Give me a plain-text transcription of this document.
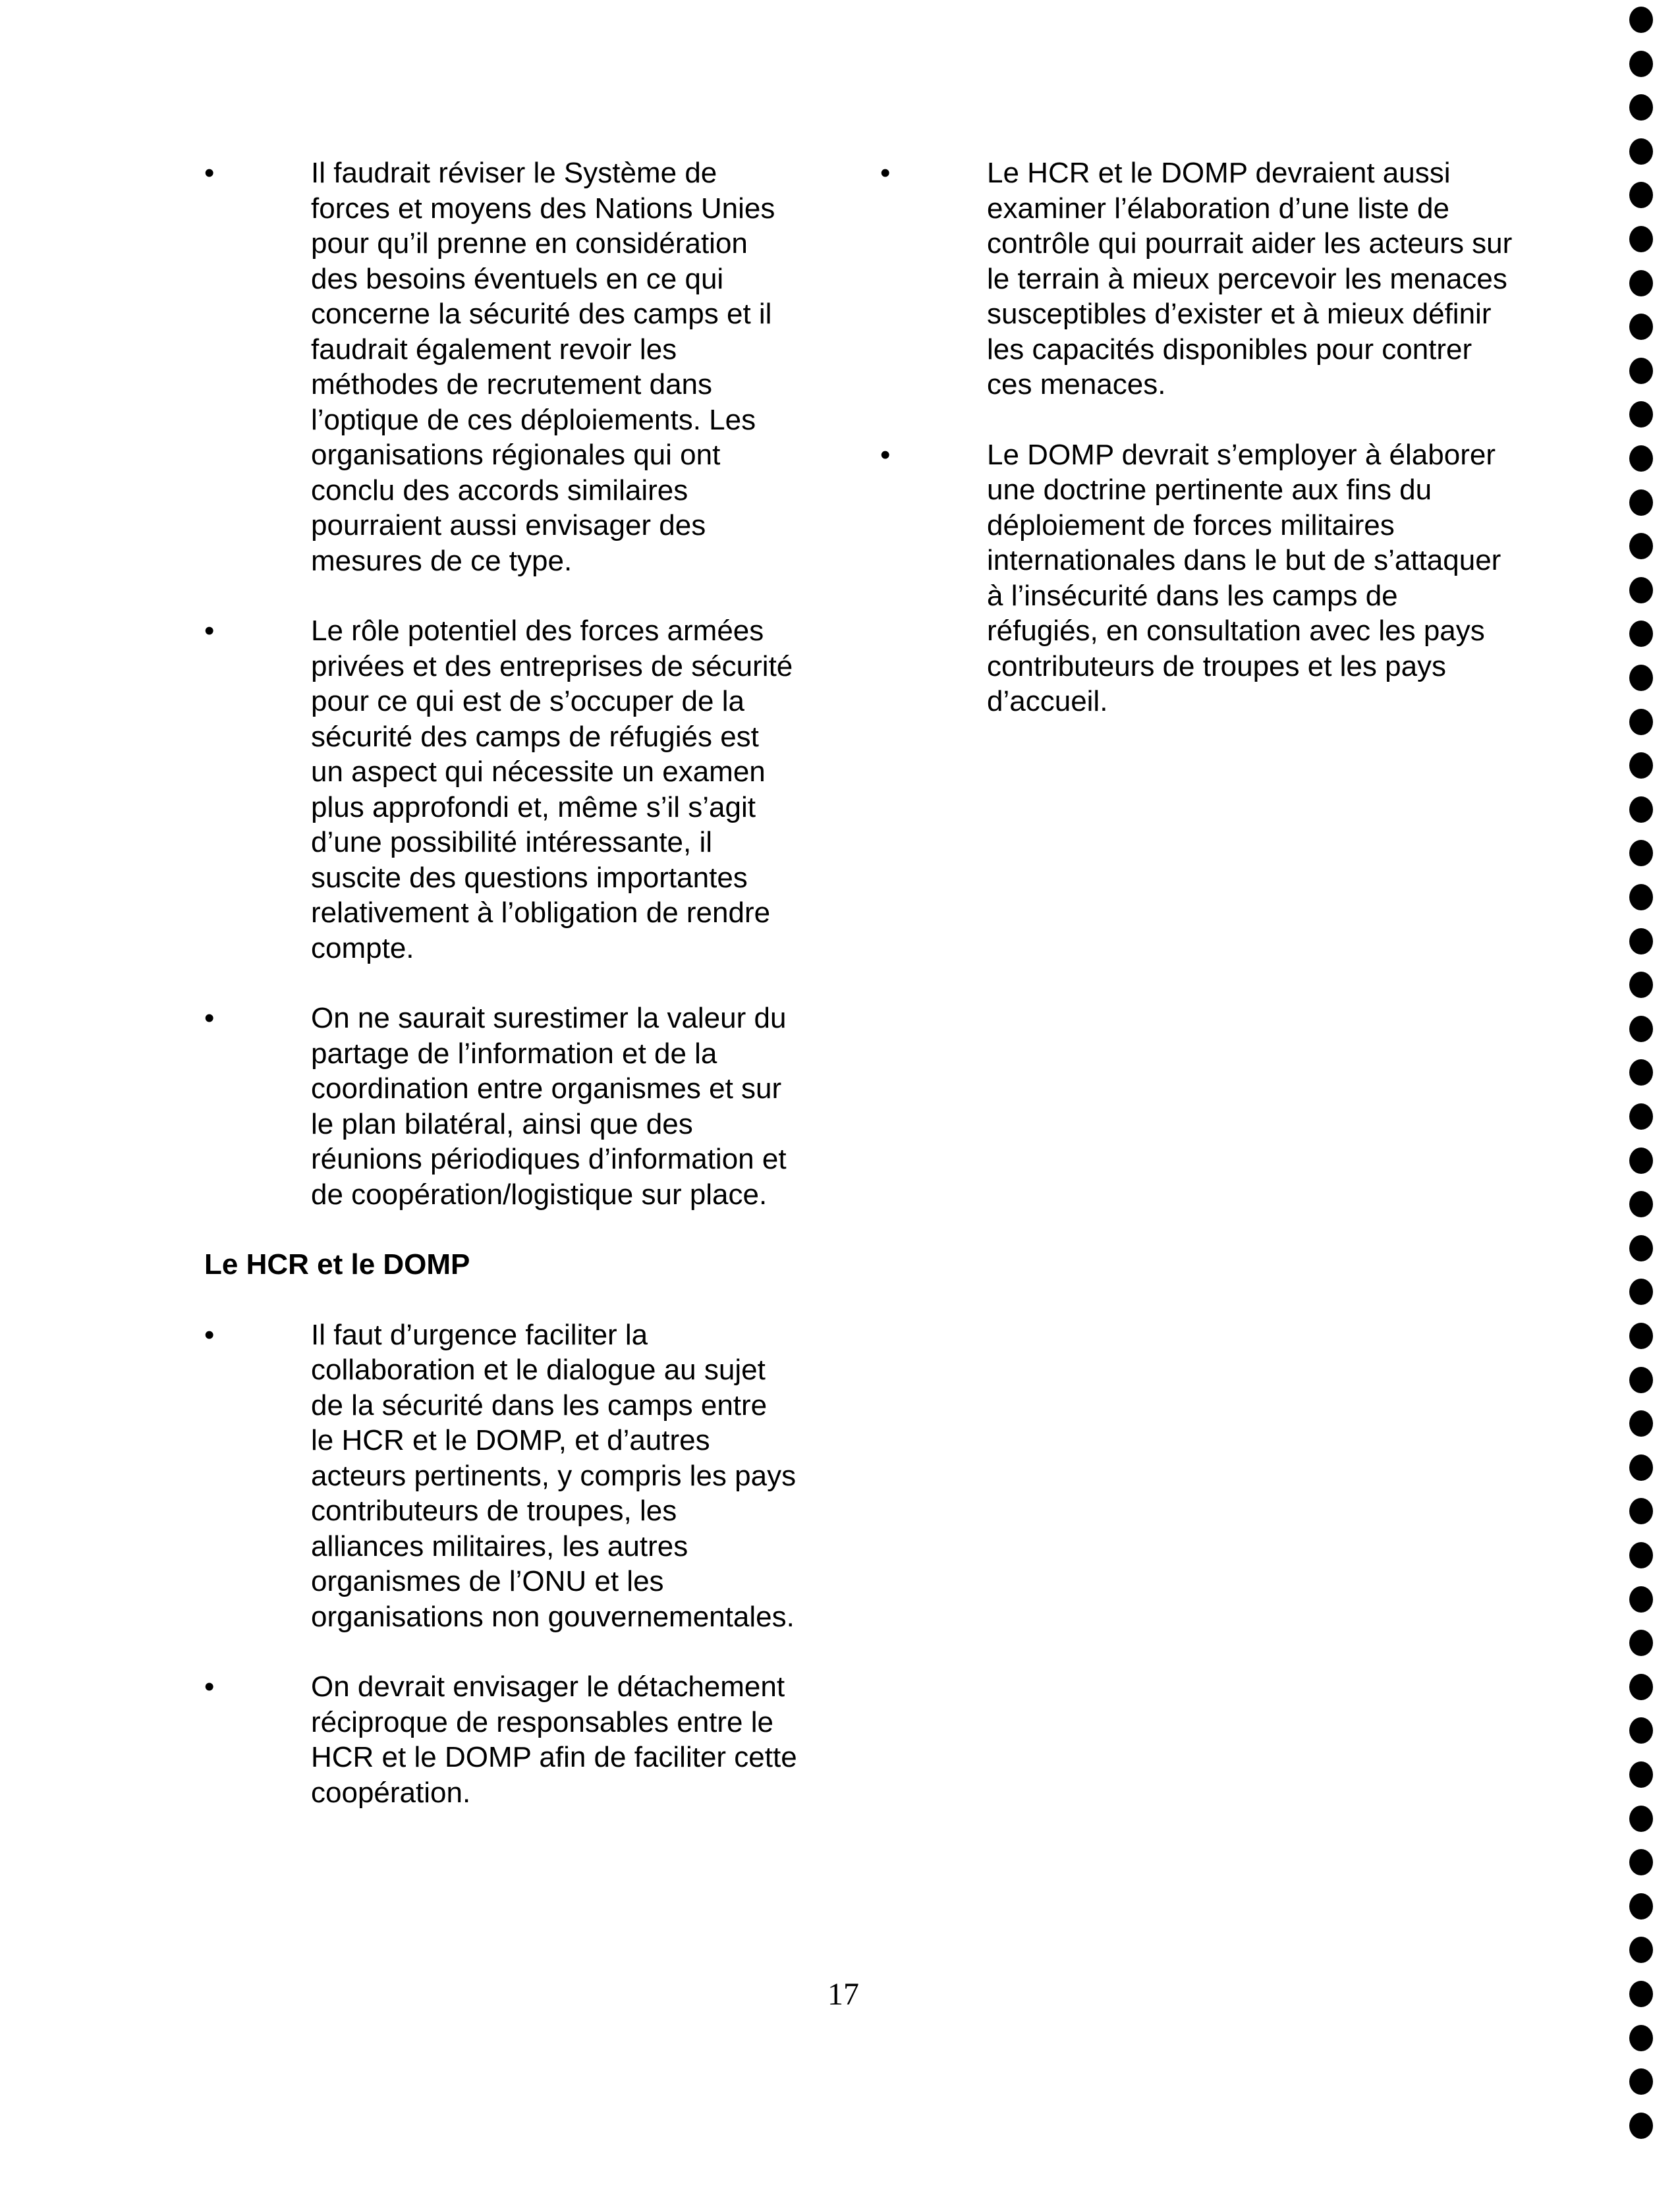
•	Il faudrait réviser le Système de forces et moyens des Nations Unies pour qu’il prenne en considération des besoins éventuels en ce qui concerne la sécurité des camps et il faudrait également revoir les méthodes de recrutement dans l’optique de ces déploiements. Les organisations régionales qui ont conclu des accords similaires pourraient aussi envisager des mesures de ce type.
•	Le rôle potentiel des forces armées privées et des entreprises de sécurité pour ce qui est de s’occuper de la sécurité des camps de réfugiés est un aspect qui nécessite un examen plus approfondi et, même s’il s’agit d’une possibilité intéressante, il suscite des questions importantes relativement à l’obligation de rendre compte.
•	On ne saurait surestimer la valeur du partage de l’information et de la coordination entre organismes et sur le plan bilatéral, ainsi que des réunions périodiques d’information et de coopération/logistique sur place.
Le HCR et le DOMP
•	Il faut d’urgence faciliter la collaboration et le dialogue au sujet de la sécurité dans les camps entre le HCR et le DOMP, et d’autres acteurs pertinents, y compris les pays contributeurs de troupes, les alliances militaires, les autres organismes de l’ONU et les organisations non gouvernementales.
•	On devrait envisager le détachement réciproque de responsables entre le HCR et le DOMP afin de faciliter cette coopération.
•	Le HCR et le DOMP devraient aussi examiner l’élaboration d’une liste de contrôle qui pourrait aider les acteurs sur le terrain à mieux percevoir les menaces susceptibles d’exister et à mieux définir les capacités disponibles pour contrer ces menaces.
•	Le DOMP devrait s’employer à élaborer une doctrine pertinente aux fins du déploiement de forces militaires internationales dans le but de s’attaquer à l’insécurité dans les camps de réfugiés, en consultation avec les pays contributeurs de troupes et les pays d’accueil.
17
